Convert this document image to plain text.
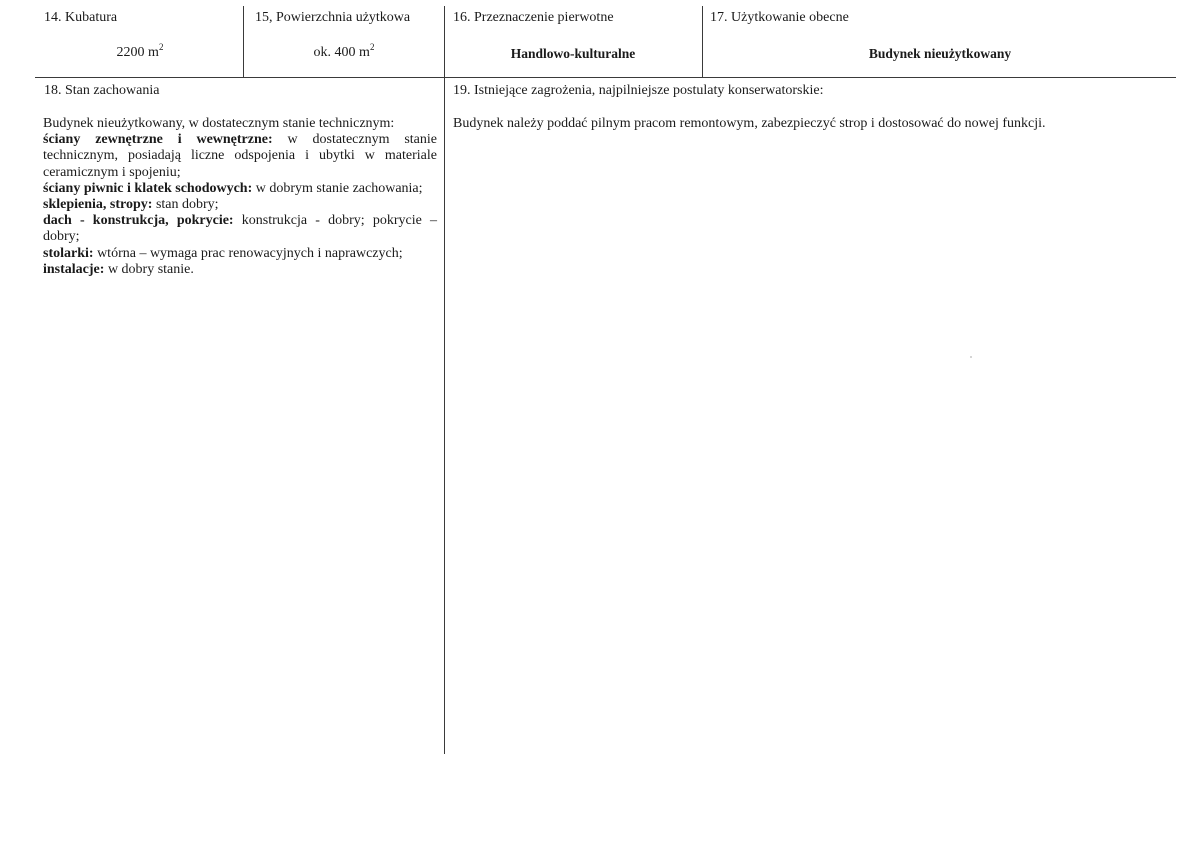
14. Kubatura
2200 $m^2$
15, Powierzchnia użytkowa
ok. 400 $m^2$
16. Przeznaczenie pierwotne
Handlowo-kulturalne
17. Użytkowanie obecne
Budynek nieużytkowany
18. Stan zachowania

Budynek nieużytkowany, w dostatecznym stanie technicznym:

ściany zewnętrzne i wewnętrzne: w dostatecznym stanie technicznym, posiadają liczne odspojenia i ubytki w materiale ceramicznym i spojeniu;

ściany piwnic i klatek schodowych: w dobrym stanie zachowania;

sklepienia, stropy: stan dobry;

dach - konstrukcja, pokrycie: konstrukcja - dobry; pokrycie – dobry;

stolarki: wtórna – wymaga prac renowacyjnych i naprawczych;

instalacje: w dobry stanie.

19. Istniejące zagrożenia, najpilniejsze postulaty konserwatorskie:
Budynek należy poddać pilnym pracom remontowym, zabezpieczyć strop i dostosować do nowej funkcji.
